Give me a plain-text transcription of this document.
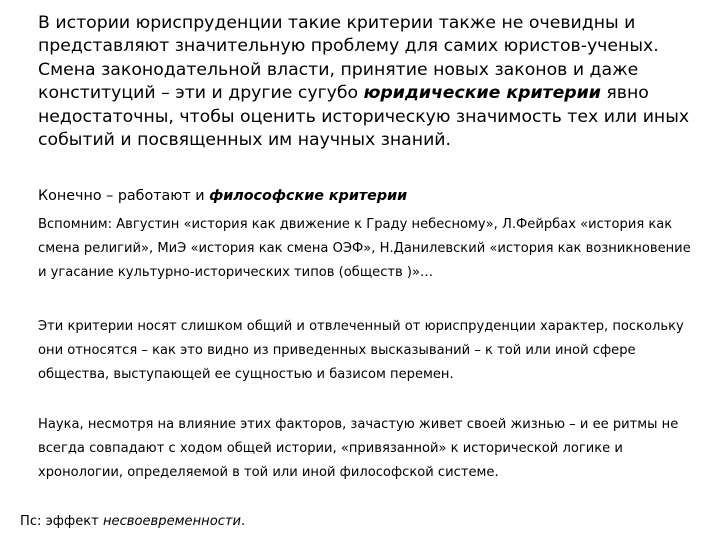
В истории юриспруденции такие критерии также не очевидны и представляют значительную проблему для самих юристов-ученых. Смена законодательной власти, принятие новых законов и даже конституций – эти и другие сугубо юридические критерии явно недостаточны, чтобы оценить историческую значимость тех или иных событий и посвященных им научных знаний.

Конечно – работают и философские критерии

Вспомним: Августин «история как движение к Граду небесному», Л.Фейрбах «история как смена религий», МиЭ «история как смена ОЭФ», Н.Данилевский «история как возникновение и угасание культурно-исторических типов (обществ )»…

Эти критерии носят слишком общий и отвлеченный от юриспруденции характер, поскольку они относятся – как это видно из приведенных высказываний – к той или иной сфере общества, выступающей ее сущностью и базисом перемен.

Наука, несмотря на влияние этих факторов, зачастую живет своей жизнью – и ее ритмы не всегда совпадают с ходом общей истории, «привязанной» к исторической логике и хронологии, определяемой в той или иной философской системе.

Пс: эффект несвоевременности.
